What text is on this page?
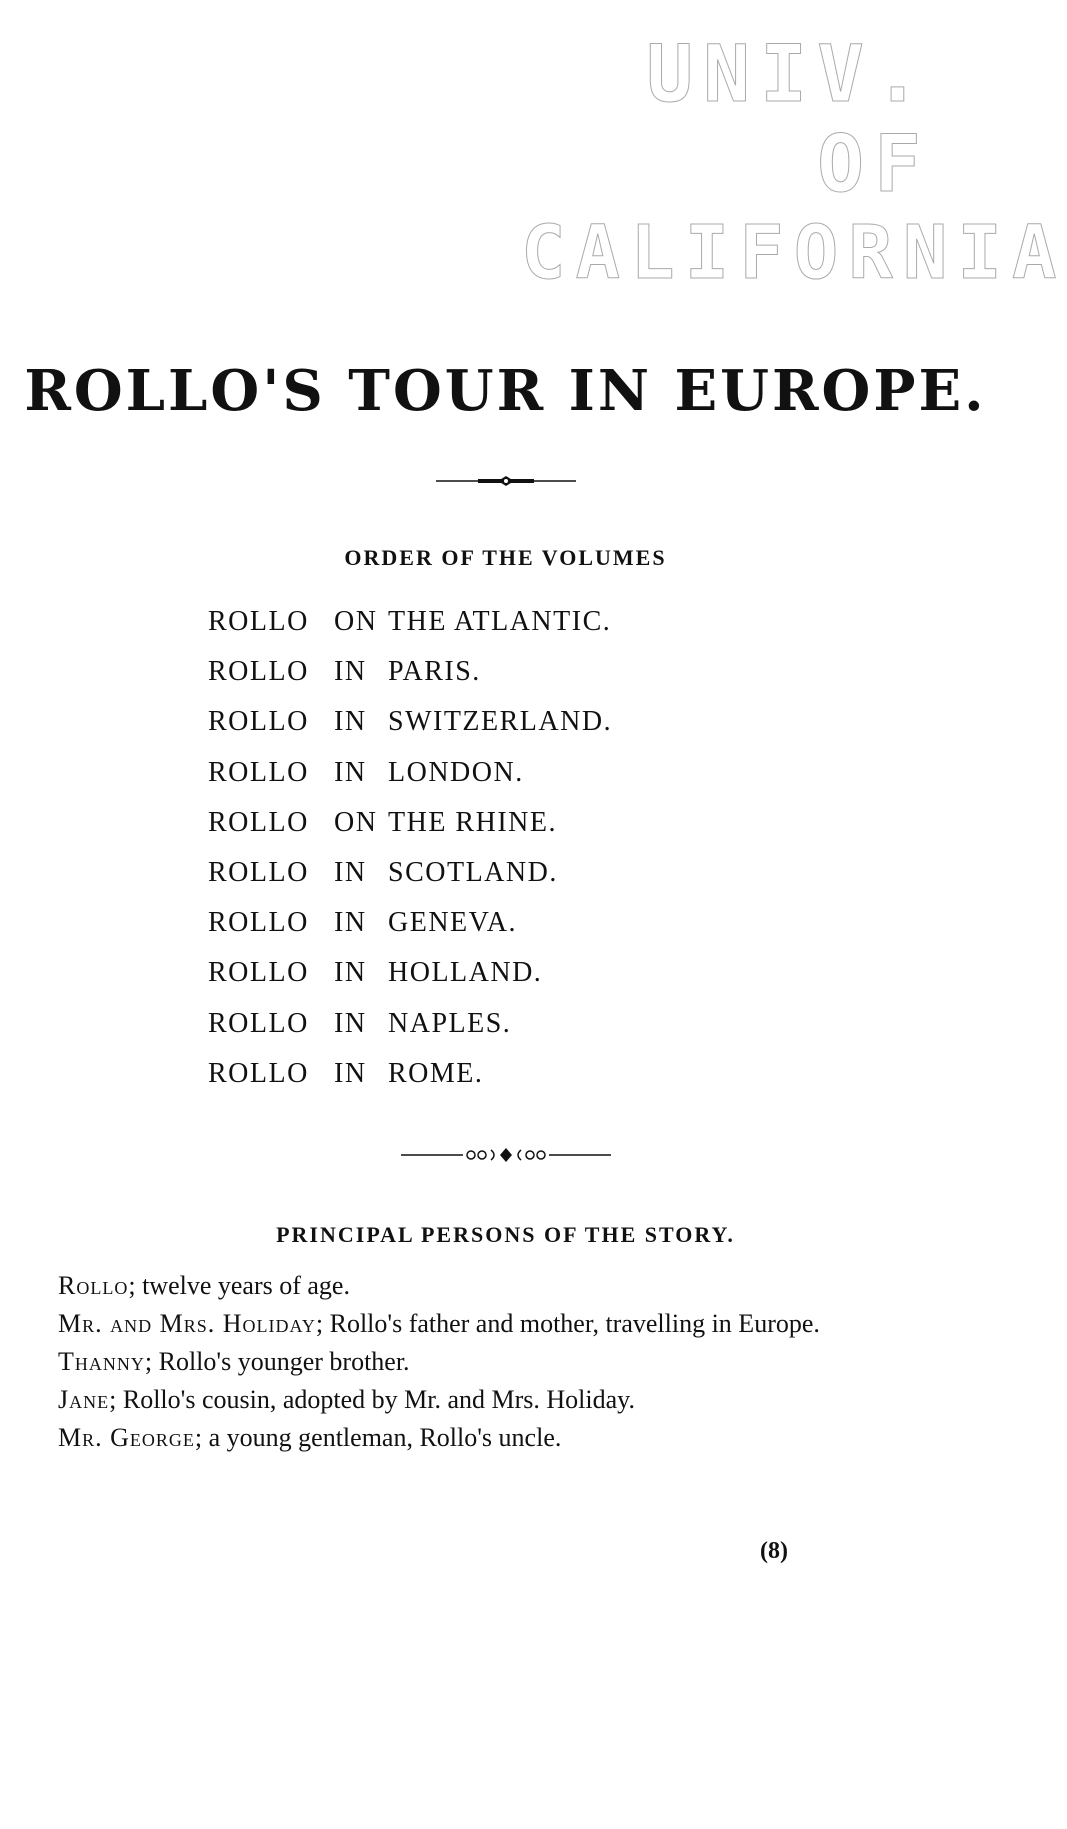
UNIV. OF
CALIFORNIA
ROLLO'S TOUR IN EUROPE.
ORDER OF THE VOLUMES
ROLLO ON THE ATLANTIC.
ROLLO IN PARIS.
ROLLO IN SWITZERLAND.
ROLLO IN LONDON.
ROLLO ON THE RHINE.
ROLLO IN SCOTLAND.
ROLLO IN GENEVA.
ROLLO IN HOLLAND.
ROLLO IN NAPLES.
ROLLO IN ROME.
PRINCIPAL PERSONS OF THE STORY.
Rollo; twelve years of age.
Mr. and Mrs. Holiday; Rollo's father and mother, travelling in Europe.
Thanny; Rollo's younger brother.
Jane; Rollo's cousin, adopted by Mr. and Mrs. Holiday.
Mr. George; a young gentleman, Rollo's uncle.
(8)
